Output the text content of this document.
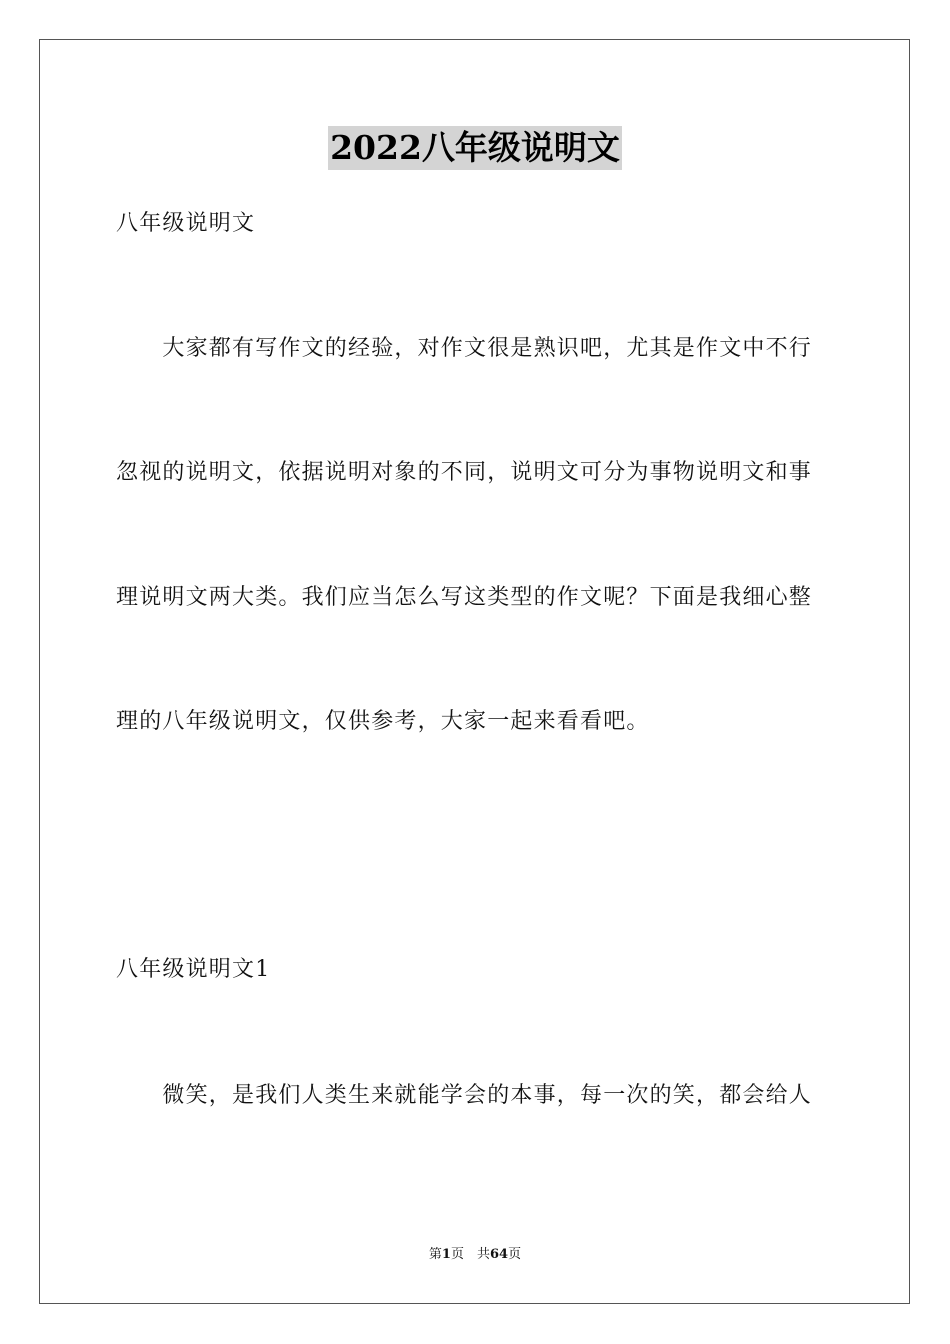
2022八年级说明文
八年级说明文
　　大家都有写作文的经验，对作文很是熟识吧，尤其是作文中不行
忽视的说明文，依据说明对象的不同，说明文可分为事物说明文和事
理说明文两大类。我们应当怎么写这类型的作文呢？下面是我细心整
理的八年级说明文，仅供参考，大家一起来看看吧。
八年级说明文1
　　微笑，是我们人类生来就能学会的本事，每一次的笑，都会给人
第1页　 共64页
